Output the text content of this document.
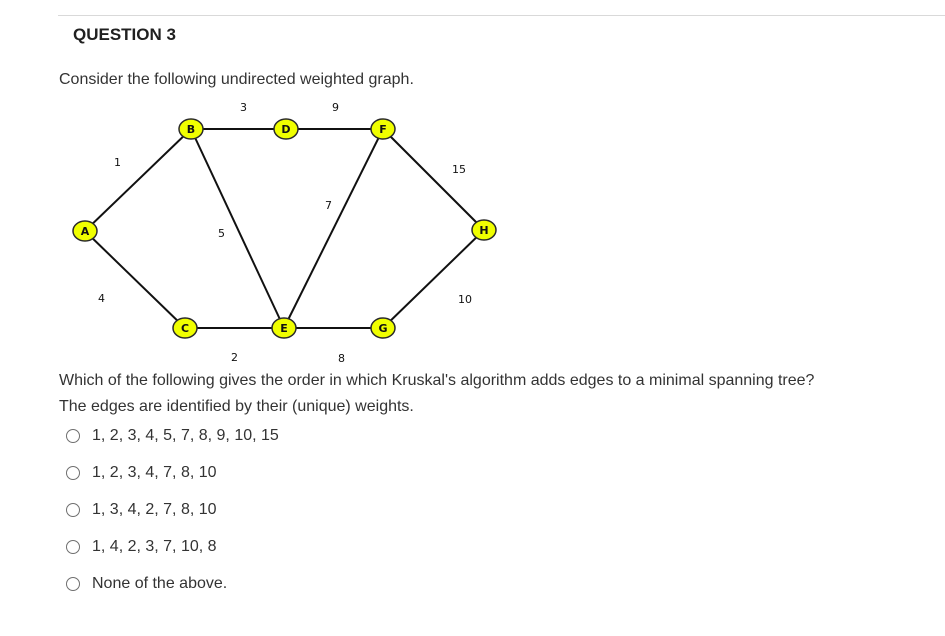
QUESTION 3
Consider the following undirected weighted graph.
1
4
3
5
2
9
7
8
15
10
A
B
C
D
E
F
G
H
Which of the following gives the order in which Kruskal's algorithm adds edges to a minimal spanning tree?
The edges are identified by their (unique) weights.
1, 2, 3, 4, 5, 7, 8, 9, 10, 15
1, 2, 3, 4, 7, 8, 10
1, 3, 4, 2, 7, 8, 10
1, 4, 2, 3, 7, 10, 8
None of the above.
